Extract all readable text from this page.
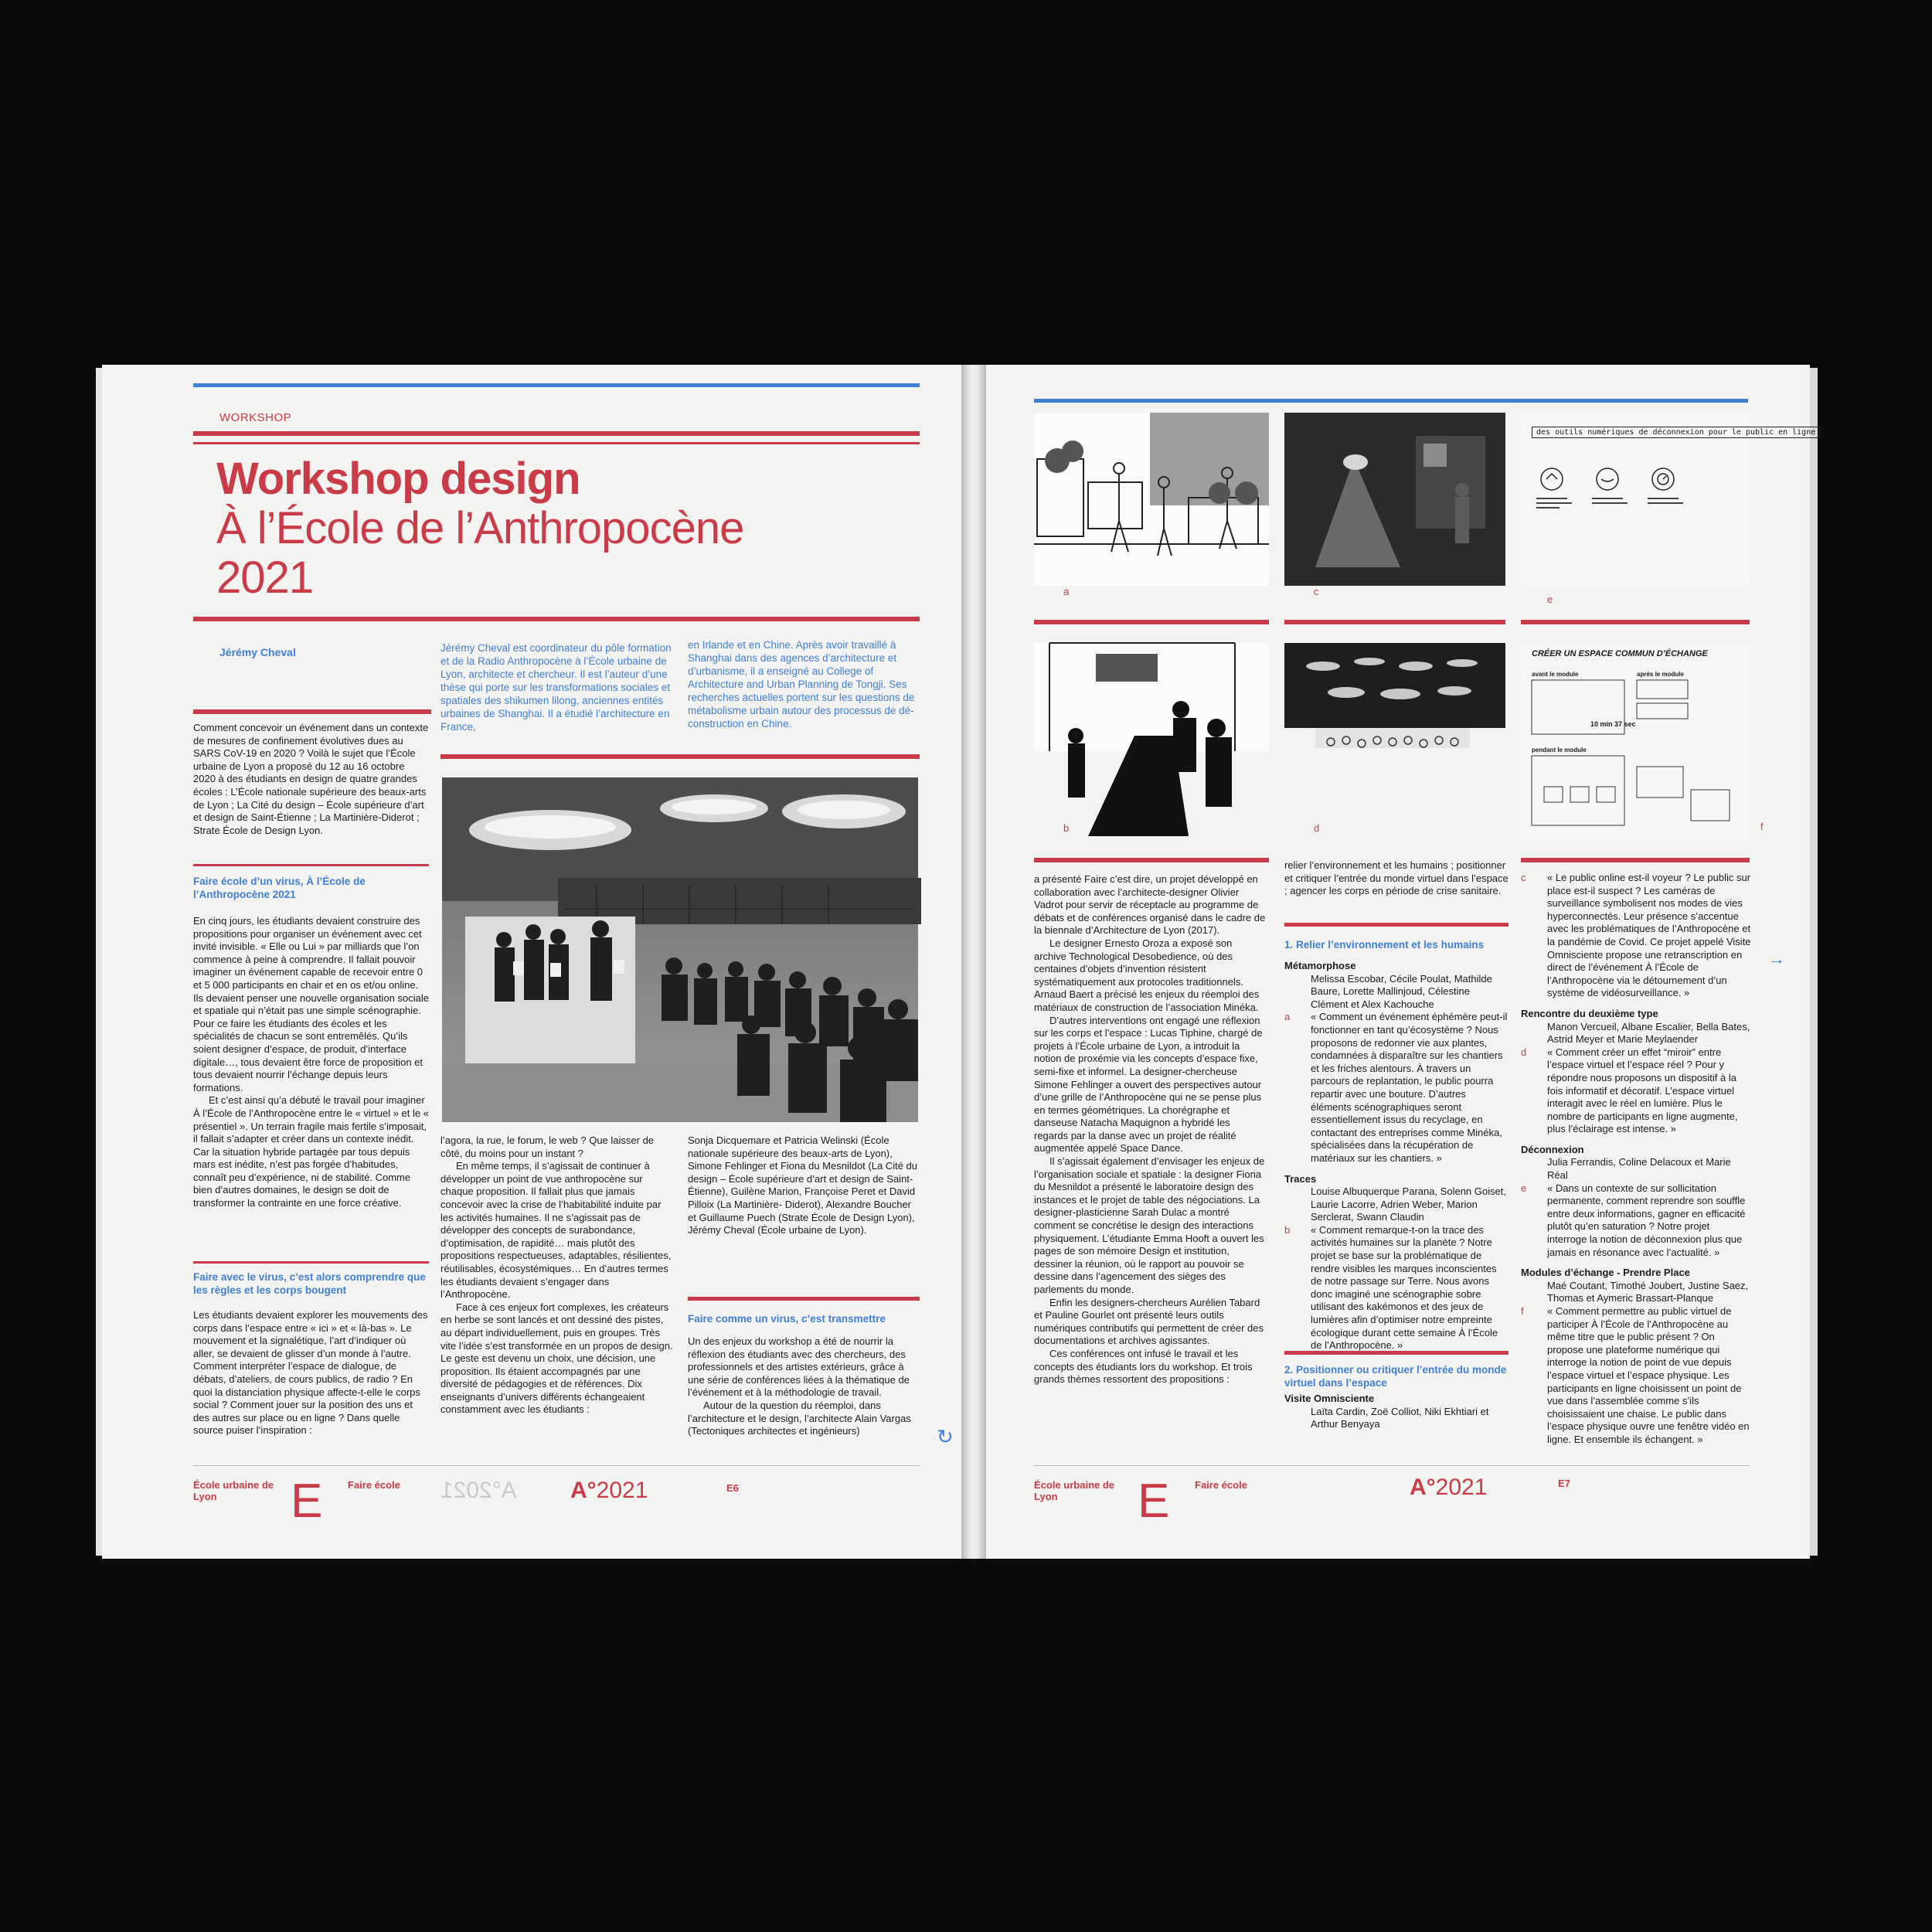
WORKSHOP
Workshop design
À l’École de l’Anthropocène
2021
Jérémy Cheval	Jérémy Cheval est coordinateur du pôle formation et de la Radio Anthropocène à l’École urbaine de Lyon, architecte et chercheur. Il est l’auteur d’une thèse qui porte sur les transformations sociales et spatiales des shikumen lilong, anciennes entités urbaines de Shanghai. Il a étudié l’architecture en France,
en Irlande et en Chine. Après avoir travaillé à Shanghai dans des agences d’architecture et d’urbanisme, il a enseigné au College of Architecture and Urban Planning de Tongji. Ses recherches actuelles portent sur les questions de métabolisme urbain autour des processus de dé-construction en Chine.

Comment concevoir un événement dans un contexte de mesures de confinement évolutives dues au SARS CoV-19 en 2020 ? Voilà le sujet que l’École urbaine de Lyon a proposé du 12 au 16 octobre 2020 à des étudiants en design de quatre grandes écoles : L’École nationale supérieure des beaux-arts de Lyon ; La Cité du design – École supérieure d’art et design de Saint-Étienne ; La Martinière-Diderot ; Strate École de Design Lyon.

Faire école d’un virus, À l’École de l’Anthropocène 2021

En cinq jours, les étudiants devaient construire des propositions pour organiser un événement avec cet invité invisible. « Elle ou Lui » par milliards que l’on commence à peine à comprendre. Il fallait pouvoir imaginer un événement capable de recevoir entre 0 et 5 000 participants en chair et en os et/ou online. Ils devaient penser une nouvelle organisation sociale et spatiale qui n’était pas une simple scénographie. Pour ce faire les étudiants des écoles et les spécialités de chacun se sont entremêlés. Qu’ils soient designer d’espace, de produit, d’interface digitale…, tous devaient être force de proposition et tous devaient nourrir l’échange depuis leurs formations.

Et c’est ainsi qu’a débuté le travail pour imaginer À l’École de l’Anthropocène entre le « virtuel » et le « présentiel ». Un terrain fragile mais fertile s’imposait, il fallait s’adapter et créer dans un contexte inédit. Car la situation hybride partagée par tous depuis mars est inédite, n’est pas forgée d’habitudes, connaît peu d’expérience, ni de stabilité. Comme bien d’autres domaines, le design se doit de transformer la contrainte en une force créative.

Faire avec le virus, c’est alors comprendre que les règles et les corps bougent

Les étudiants devaient explorer les mouvements des corps dans l’espace entre « ici » et « là-bas ». Le mouvement et la signalétique, l’art d’indiquer où aller, se devaient de glisser d’un monde à l’autre. Comment interpréter l’espace de dialogue, de débats, d’ateliers, de cours publics, de radio ? En quoi la distanciation physique affecte-t-elle le corps social ? Comment jouer sur la position des uns et des autres sur place ou en ligne ? Dans quelle source puiser l’inspiration :

l’agora, la rue, le forum, le web ? Que laisser de côté, du moins pour un instant ?

En même temps, il s’agissait de continuer à développer un point de vue anthropocène sur chaque proposition. Il fallait plus que jamais concevoir avec la crise de l’habitabilité induite par les activités humaines. Il ne s’agissait pas de développer des concepts de surabondance, d’optimisation, de rapidité… mais plutôt des propositions respectueuses, adaptables, résilientes, réutilisables, écosystémiques… En d’autres termes les étudiants devaient s’engager dans l’Anthropocène.

Face à ces enjeux fort complexes, les créateurs en herbe se sont lancés et ont dessiné des pistes, au départ individuellement, puis en groupes. Très vite l’idée s’est transformée en un propos de design. Le geste est devenu un choix, une décision, une proposition. Ils étaient accompagnés par une diversité de pédagogies et de références. Dix enseignants d’univers différents échangeaient constamment avec les étudiants :

Sonja Dicquemare et Patricia Welinski (École nationale supérieure des beaux-arts de Lyon), Simone Fehlinger et Fiona du Mesnildot (La Cité du design – École supérieure d’art et design de Saint-Étienne), Guilène Marion, Françoise Peret et David Pilloix (La Martinière- Diderot), Alexandre Boucher et Guillaume Puech (Strate École de Design Lyon), Jérémy Cheval (École urbaine de Lyon).

Faire comme un virus, c’est transmettre

Un des enjeux du workshop a été de nourrir la réflexion des étudiants avec des chercheurs, des professionnels et des artistes extérieurs, grâce à une série de conférences liées à la thématique de l’événement et à la méthodologie de travail.

Autour de la question du réemploi, dans l’architecture et le design, l’architecte Alain Vargas (Tectoniques architectes et ingénieurs)	↻
École urbaine de Lyon	E	Faire école A°2021 A°2021	E6
a	c
des outils numériques de déconnexion pour le public en ligne
e
b	d
CRÉER UN ESPACE COMMUN D’ÉCHANGE
avant le module	après le module
pendant le module
10 min 37 sec
f

a présenté Faire c’est dire, un projet développé en collaboration avec l’architecte-designer Olivier Vadrot pour servir de réceptacle au programme de débats et de conférences organisé dans le cadre de la biennale d’Architecture de Lyon (2017).

Le designer Ernesto Oroza a exposé son archive Technological Desobedience, où des centaines d’objets d’invention résistent systématiquement aux protocoles traditionnels. Arnaud Baert a précisé les enjeux du réemploi des matériaux de construction de l’association Minéka.

D’autres interventions ont engagé une réflexion sur les corps et l’espace : Lucas Tiphine, chargé de projets à l’École urbaine de Lyon, a introduit la notion de proxémie via les concepts d’espace fixe, semi-fixe et informel. La designer-chercheuse Simone Fehlinger a ouvert des perspectives autour d’une grille de l’Anthropocène qui ne se pense plus en termes géométriques. La chorégraphe et danseuse Natacha Maquignon a hybridé les regards par la danse avec un projet de réalité augmentée appelé Space Dance.

Il s’agissait également d’envisager les enjeux de l’organisation sociale et spatiale : la designer Fiona du Mesnildot a présenté le laboratoire design des instances et le projet de table des négociations. La designer-plasticienne Sarah Dulac a montré comment se concrétise le design des interactions physiquement. L’étudiante Emma Hooft a ouvert les pages de son mémoire Design et institution, dessiner la réunion, où le rapport au pouvoir se dessine dans l’agencement des sièges des parlements du monde.

Enfin les designers-chercheurs Aurélien Tabard et Pauline Gourlet ont présenté leurs outils numériques contributifs qui permettent de créer des documentations et archives agissantes.

Ces conférences ont infusé le travail et les concepts des étudiants lors du workshop. Et trois grands thèmes ressortent des propositions :

relier l’environnement et les humains ; positionner et critiquer l’entrée du monde virtuel dans l’espace ; agencer les corps en période de crise sanitaire.

1. Relier l’environnement et les humains
Métamorphose
Melissa Escobar, Cécile Poulat, Mathilde Baure, Lorette Mallinjoud, Célestine Clément et Alex Kachouche
a « Comment un événement éphémère peut-il fonctionner en tant qu’écosystème ? Nous proposons de redonner vie aux plantes, condamnées à disparaître sur les chantiers et les friches alentours. À travers un parcours de replantation, le public pourra repartir avec une bouture. D’autres éléments scénographiques seront essentiellement issus du recyclage, en contactant des entreprises comme Minéka, spécialisées dans la récupération de matériaux sur les chantiers. »
Traces
Louise Albuquerque Parana, Solenn Goiset, Laurie Lacorre, Adrien Weber, Marion Serclerat, Swann Claudin
b « Comment remarque-t-on la trace des activités humaines sur la planète ? Notre projet se base sur la problématique de rendre visibles les marques inconscientes de notre passage sur Terre. Nous avons donc imaginé une scénographie sobre utilisant des kakémonos et des jeux de lumières afin d’optimiser notre empreinte écologique durant cette semaine À l’École de l’Anthropocène. »
2. Positionner ou critiquer l’entrée du monde virtuel dans l’espace
Visite Omnisciente
Laïta Cardin, Zoë Colliot, Niki Ekhtiari et Arthur Benyaya
c « Le public online est-il voyeur ? Le public sur place est-il suspect ? Les caméras de surveillance symbolisent nos modes de vies hyperconnectés. Leur présence s’accentue avec les problématiques de l’Anthropocène et la pandémie de Covid. Ce projet appelé Visite Omnisciente propose une retranscription en direct de l’événement À l’École de l’Anthropocène via le détournement d’un système de vidéosurveillance. »
Rencontre du deuxième type
Manon Vercueil, Albane Escalier, Bella Bates, Astrid Meyer et Marie Meylaender
d « Comment créer un effet “miroir” entre l’espace virtuel et l’espace réel ? Pour y répondre nous proposons un dispositif à la fois informatif et décoratif. L’espace virtuel interagit avec le réel en lumière. Plus le nombre de participants en ligne augmente, plus l’éclairage est intense. »
Déconnexion
Julia Ferrandis, Coline Delacoux et Marie Réal
e « Dans un contexte de sur sollicitation permanente, comment reprendre son souffle entre deux informations, gagner en efficacité plutôt qu’en saturation ? Notre projet interroge la notion de déconnexion plus que jamais en résonance avec l’actualité. »
Modules d’échange - Prendre Place
Maé Coutant, Timothé Joubert, Justine Saez, Thomas et Aymeric Brassart-Planque
f « Comment permettre au public virtuel de participer À l’École de l’Anthropocène au même titre que le public présent ? On propose une plateforme numérique qui interroge la notion de point de vue depuis l’espace virtuel et l’espace physique. Les participants en ligne choisissent un point de vue dans l’assemblée comme s’ils choisissaient une chaise. Le public dans l’espace physique ouvre une fenêtre vidéo en ligne. Et ensemble ils échangent. »
→
École urbaine de Lyon	E	Faire école	A°2021	E7
